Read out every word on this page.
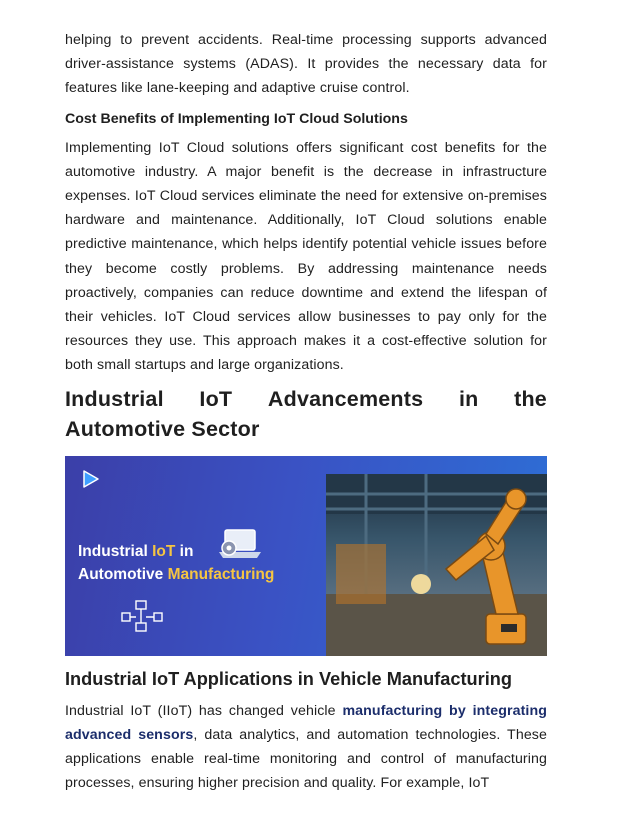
helping to prevent accidents. Real-time processing supports advanced driver-assistance systems (ADAS). It provides the necessary data for features like lane-keeping and adaptive cruise control.

Cost Benefits of Implementing IoT Cloud Solutions

Implementing IoT Cloud solutions offers significant cost benefits for the automotive industry. A major benefit is the decrease in infrastructure expenses. IoT Cloud services eliminate the need for extensive on-premises hardware and maintenance. Additionally, IoT Cloud solutions enable predictive maintenance, which helps identify potential vehicle issues before they become costly problems. By addressing maintenance needs proactively, companies can reduce downtime and extend the lifespan of their vehicles. IoT Cloud services allow businesses to pay only for the resources they use. This approach makes it a cost-effective solution for both small startups and large organizations.

Industrial IoT Advancements in the
Automotive Sector
Industrial IoT in
Automotive Manufacturing
Industrial IoT Applications in Vehicle Manufacturing

Industrial IoT (IIoT) has changed vehicle manufacturing by integrating advanced sensors, data analytics, and automation technologies. These applications enable real-time monitoring and control of manufacturing processes, ensuring higher precision and quality. For example, IoT
